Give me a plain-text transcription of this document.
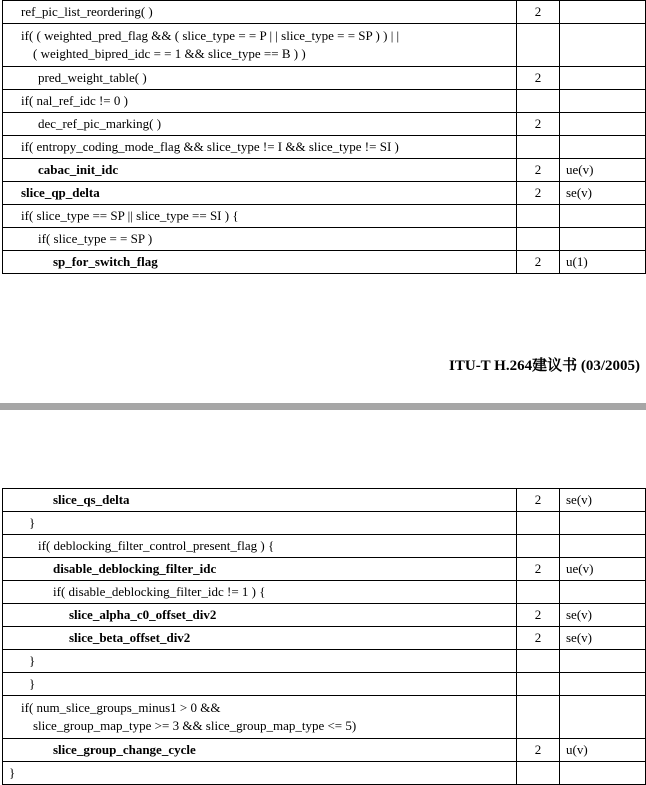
ref_pic_list_reordering( )	2	

if( ( weighted_pred_flag && ( slice_type = = P | | slice_type = = SP ) ) | |
( weighted_bipred_idc = = 1 && slice_type == B ) )		

pred_weight_table( )	2	

if( nal_ref_idc != 0 )		

dec_ref_pic_marking( )	2	

if( entropy_coding_mode_flag && slice_type != I && slice_type != SI )		

cabac_init_idc	2	ue(v)

slice_qp_delta	2	se(v)

if( slice_type == SP || slice_type == SI ) {		

if( slice_type = = SP )		

sp_for_switch_flag	2	u(1)
ITU-T H.264建议书 (03/2005)
slice_qs_delta	2	se(v)

}		

if( deblocking_filter_control_present_flag ) {		

disable_deblocking_filter_idc	2	ue(v)

if( disable_deblocking_filter_idc != 1 ) {		

slice_alpha_c0_offset_div2	2	se(v)

slice_beta_offset_div2	2	se(v)

}		

}		

if( num_slice_groups_minus1 > 0 &&
slice_group_map_type >= 3 && slice_group_map_type <= 5)		

slice_group_change_cycle	2	u(v)

}		
